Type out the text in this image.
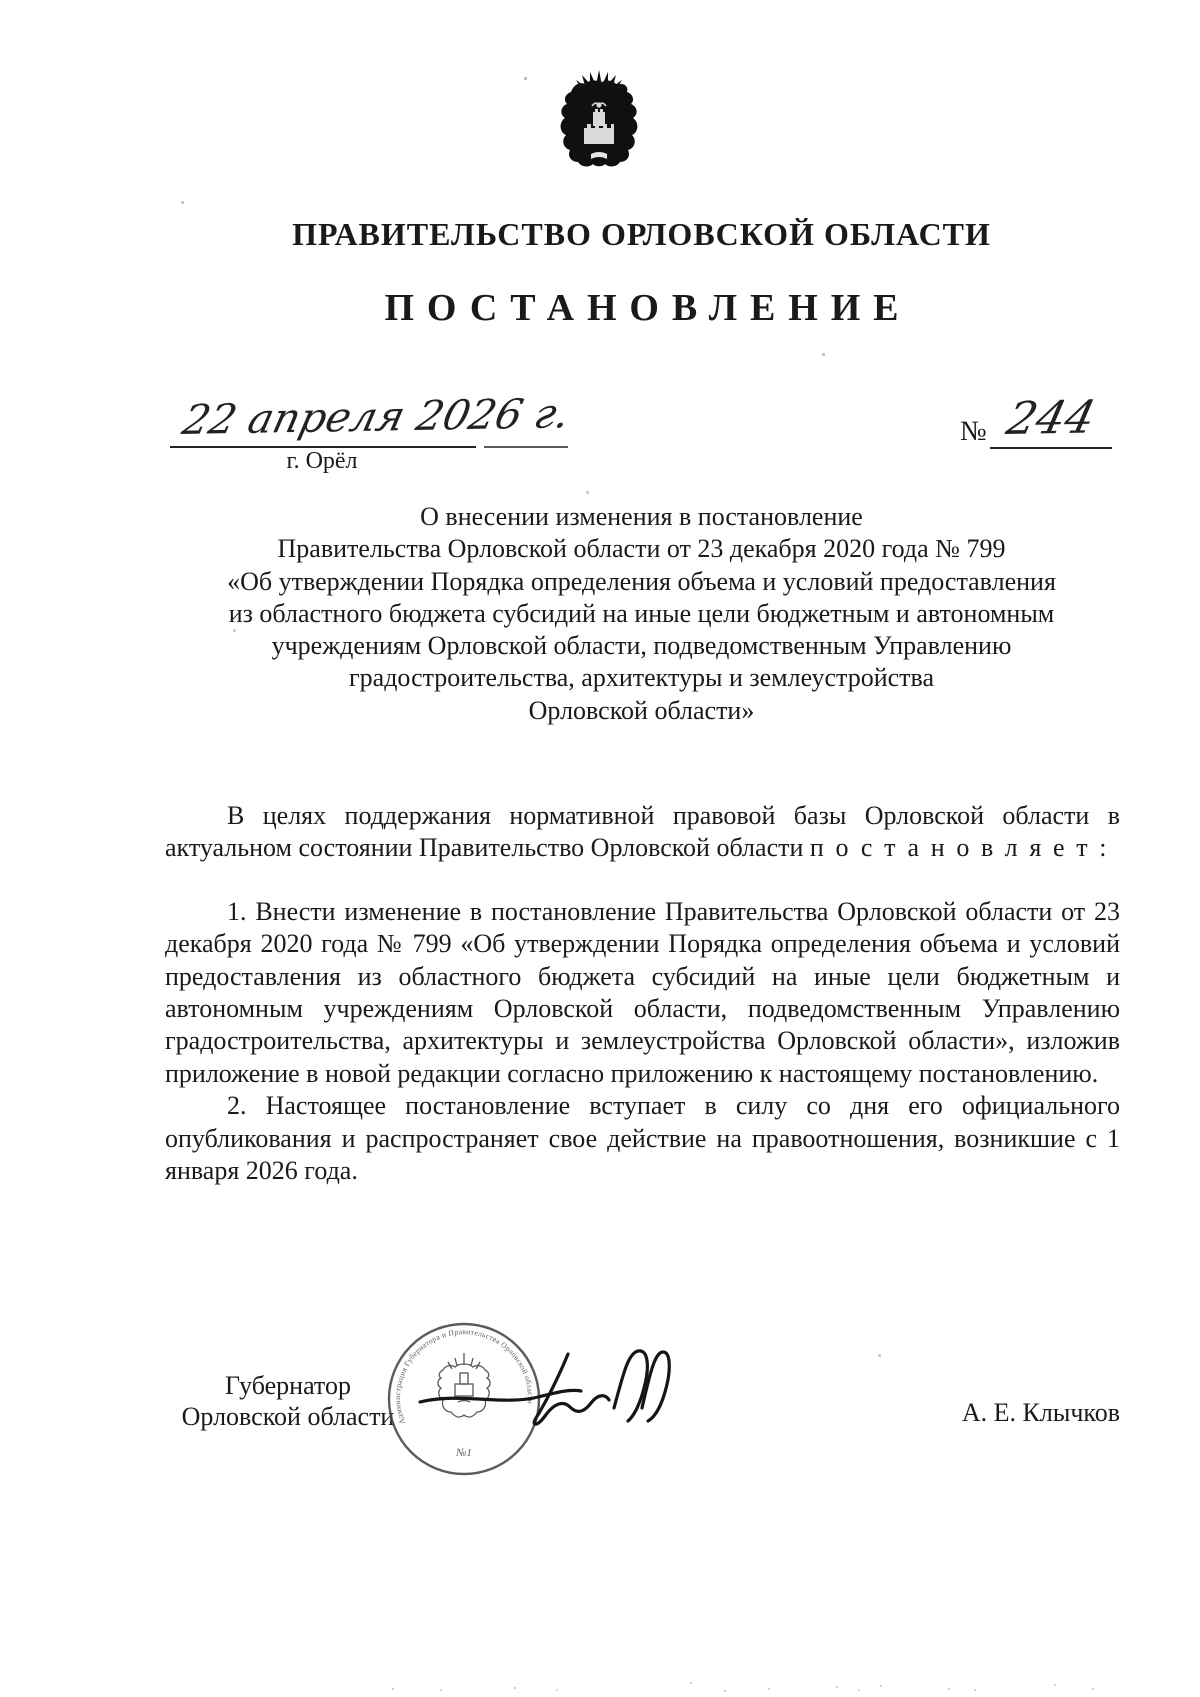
ПРАВИТЕЛЬСТВО ОРЛОВСКОЙ ОБЛАСТИ
ПОСТАНОВЛЕНИЕ
22 апреля 2026 г.
г. Орёл
№ 244
О внесении изменения в постановление
Правительства Орловской области от 23 декабря 2020 года № 799
«Об утверждении Порядка определения объема и условий предоставления
из областного бюджета субсидий на иные цели бюджетным и автономным
учреждениям Орловской области, подведомственным Управлению
градостроительства, архитектуры и землеустройства
Орловской области»

В целях поддержания нормативной правовой базы Орловской области в актуальном состоянии Правительство Орловской области постановляет:

1. Внести изменение в постановление Правительства Орловской области от 23 декабря 2020 года № 799 «Об утверждении Порядка определения объема и условий предоставления из областного бюджета субсидий на иные цели бюджетным и автономным учреждениям Орловской области, подведомственным Управлению градостроительства, архитектуры и землеустройства Орловской области», изложив приложение в новой редакции согласно приложению к настоящему постановлению.

2. Настоящее постановление вступает в силу со дня его официального опубликования и распространяет свое действие на правоотношения, возникшие с 1 января 2026 года.

Губернатор
Орловской области Администрация Губернатора и Правительства Орловской области
№1
А. Е. Клычков
